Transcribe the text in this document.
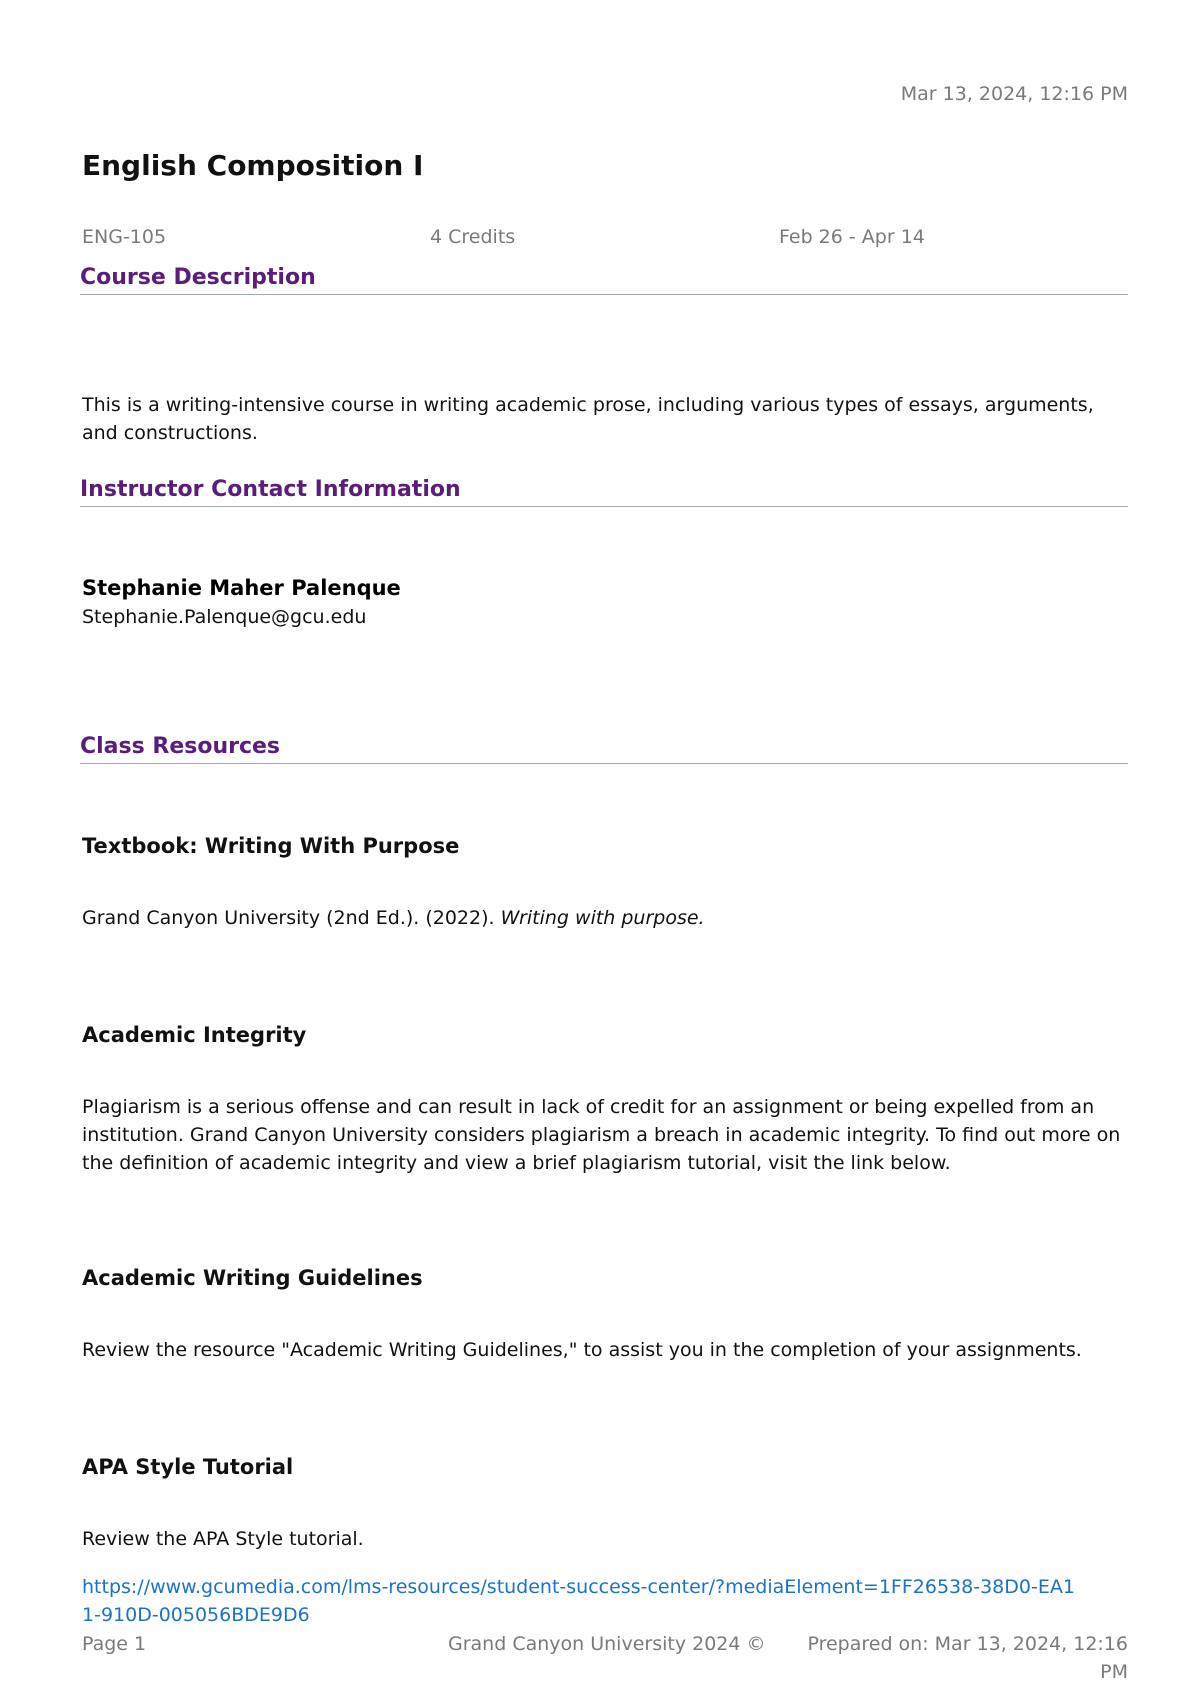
Mar 13, 2024, 12:16 PM
English Composition I
ENG-105	4 Credits	Feb 26 - Apr 14
Course Description

This is a writing-intensive course in writing academic prose, including various types of essays, arguments, and constructions.

Instructor Contact Information
Stephanie Maher Palenque
Stephanie.Palenque@gcu.edu
Class Resources
Textbook: Writing With Purpose

Grand Canyon University (2nd Ed.). (2022). Writing with purpose.

Academic Integrity

Plagiarism is a serious offense and can result in lack of credit for an assignment or being expelled from an institution. Grand Canyon University considers plagiarism a breach in academic integrity. To find out more on the definition of academic integrity and view a brief plagiarism tutorial, visit the link below.

Academic Writing Guidelines

Review the resource "Academic Writing Guidelines," to assist you in the completion of your assignments.

APA Style Tutorial

Review the APA Style tutorial.

https://www.gcumedia.com/lms-resources/student-success-center/?mediaElement=1FF26538-38D0-EA11-910D-005056BDE9D6
Page 1	Grand Canyon University 2024 ©	Prepared on: Mar 13, 2024, 12:16 PM
